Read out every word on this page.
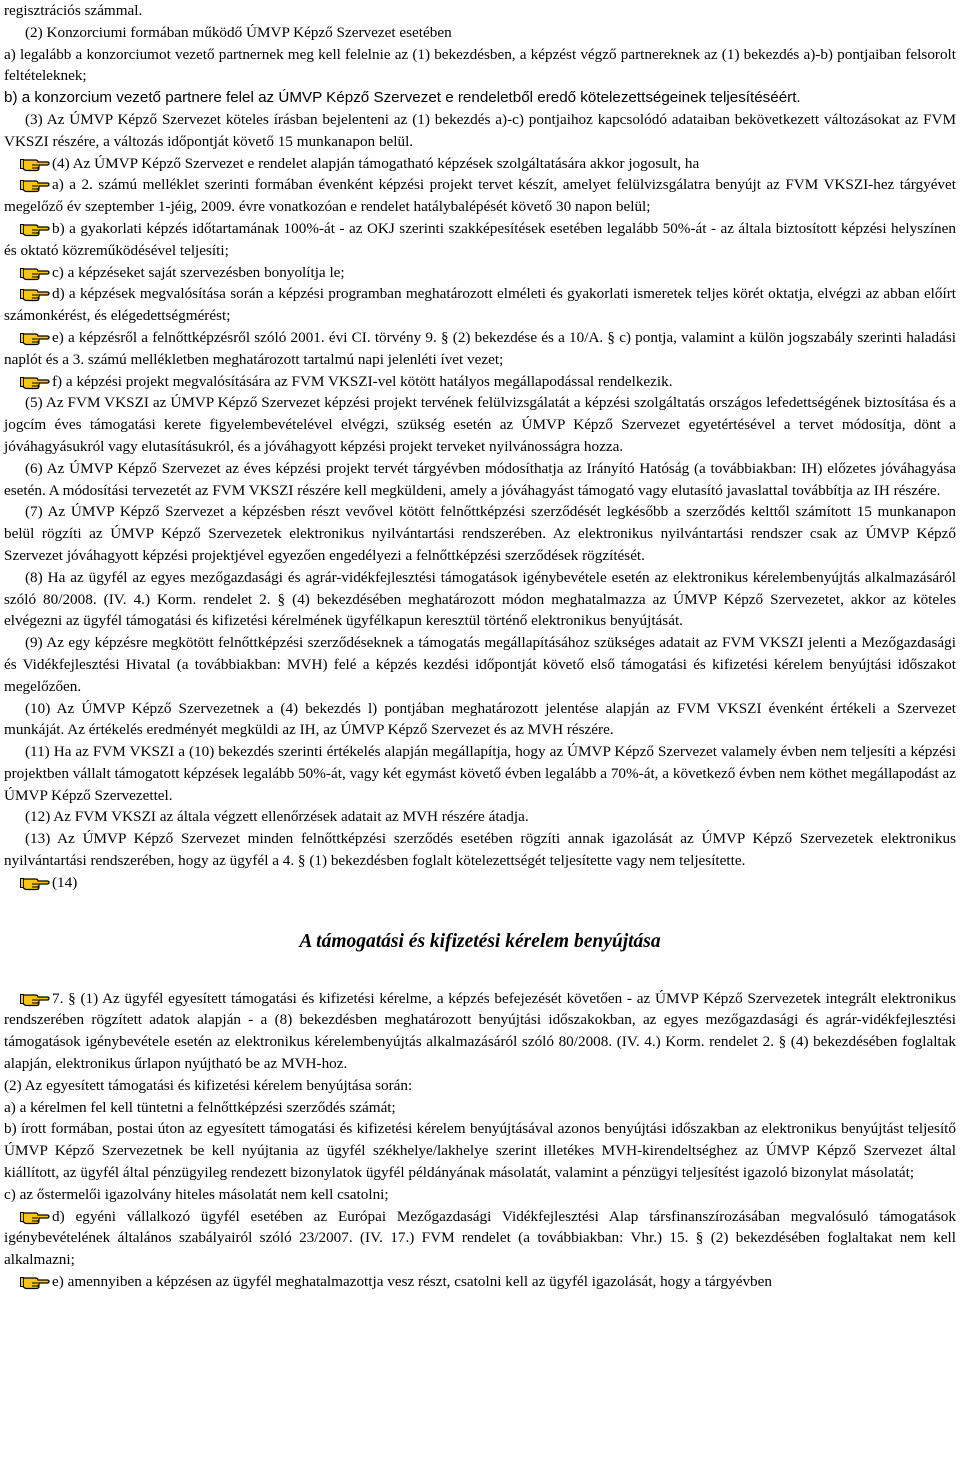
regisztrációs számmal.

(2) Konzorciumi formában működő ÚMVP Képző Szervezet esetében

a) legalább a konzorciumot vezető partnernek meg kell felelnie az (1) bekezdésben, a képzést végző partnereknek az (1) bekezdés a)-b) pontjaiban felsorolt feltételeknek;

b) a konzorcium vezető partnere felel az ÚMVP Képző Szervezet e rendeletből eredő kötelezettségeinek teljesítéséért.

(3) Az ÚMVP Képző Szervezet köteles írásban bejelenteni az (1) bekezdés a)-c) pontjaihoz kapcsolódó adataiban bekövetkezett változásokat az FVM VKSZI részére, a változás időpontját követő 15 munkanapon belül.

(4) Az ÚMVP Képző Szervezet e rendelet alapján támogatható képzések szolgáltatására akkor jogosult, ha

a) a 2. számú melléklet szerinti formában évenként képzési projekt tervet készít, amelyet felülvizsgálatra benyújt az FVM VKSZI-hez tárgyévet megelőző év szeptember 1-jéig, 2009. évre vonatkozóan e rendelet hatálybalépését követő 30 napon belül;

b) a gyakorlati képzés időtartamának 100%-át - az OKJ szerinti szakképesítések esetében legalább 50%-át - az általa biztosított képzési helyszínen és oktató közreműködésével teljesíti;

c) a képzéseket saját szervezésben bonyolítja le;

d) a képzések megvalósítása során a képzési programban meghatározott elméleti és gyakorlati ismeretek teljes körét oktatja, elvégzi az abban előírt számonkérést, és elégedettségmérést;

e) a képzésről a felnőttképzésről szóló 2001. évi CI. törvény 9. § (2) bekezdése és a 10/A. § c) pontja, valamint a külön jogszabály szerinti haladási naplót és a 3. számú mellékletben meghatározott tartalmú napi jelenléti ívet vezet;

f) a képzési projekt megvalósítására az FVM VKSZI-vel kötött hatályos megállapodással rendelkezik.

(5) Az FVM VKSZI az ÚMVP Képző Szervezet képzési projekt tervének felülvizsgálatát a képzési szolgáltatás országos lefedettségének biztosítása és a jogcím éves támogatási kerete figyelembevételével elvégzi, szükség esetén az ÚMVP Képző Szervezet egyetértésével a tervet módosítja, dönt a jóváhagyásukról vagy elutasításukról, és a jóváhagyott képzési projekt terveket nyilvánosságra hozza.

(6) Az ÚMVP Képző Szervezet az éves képzési projekt tervét tárgyévben módosíthatja az Irányító Hatóság (a továbbiakban: IH) előzetes jóváhagyása esetén. A módosítási tervezetét az FVM VKSZI részére kell megküldeni, amely a jóváhagyást támogató vagy elutasító javaslattal továbbítja az IH részére.

(7) Az ÚMVP Képző Szervezet a képzésben részt vevővel kötött felnőttképzési szerződését legkésőbb a szerződés kelttől számított 15 munkanapon belül rögzíti az ÚMVP Képző Szervezetek elektronikus nyilvántartási rendszerében. Az elektronikus nyilvántartási rendszer csak az ÚMVP Képző Szervezet jóváhagyott képzési projektjével egyezően engedélyezi a felnőttképzési szerződések rögzítését.

(8) Ha az ügyfél az egyes mezőgazdasági és agrár-vidékfejlesztési támogatások igénybevétele esetén az elektronikus kérelembenyújtás alkalmazásáról szóló 80/2008. (IV. 4.) Korm. rendelet 2. § (4) bekezdésében meghatározott módon meghatalmazza az ÚMVP Képző Szervezetet, akkor az köteles elvégezni az ügyfél támogatási és kifizetési kérelmének ügyfélkapun keresztül történő elektronikus benyújtását.

(9) Az egy képzésre megkötött felnőttképzési szerződéseknek a támogatás megállapításához szükséges adatait az FVM VKSZI jelenti a Mezőgazdasági és Vidékfejlesztési Hivatal (a továbbiakban: MVH) felé a képzés kezdési időpontját követő első támogatási és kifizetési kérelem benyújtási időszakot megelőzően.

(10) Az ÚMVP Képző Szervezetnek a (4) bekezdés l) pontjában meghatározott jelentése alapján az FVM VKSZI évenként értékeli a Szervezet munkáját. Az értékelés eredményét megküldi az IH, az ÚMVP Képző Szervezet és az MVH részére.

(11) Ha az FVM VKSZI a (10) bekezdés szerinti értékelés alapján megállapítja, hogy az ÚMVP Képző Szervezet valamely évben nem teljesíti a képzési projektben vállalt támogatott képzések legalább 50%-át, vagy két egymást követő évben legalább a 70%-át, a következő évben nem köthet megállapodást az ÚMVP Képző Szervezettel.

(12) Az FVM VKSZI az általa végzett ellenőrzések adatait az MVH részére átadja.

(13) Az ÚMVP Képző Szervezet minden felnőttképzési szerződés esetében rögzíti annak igazolását az ÚMVP Képző Szervezetek elektronikus nyilvántartási rendszerében, hogy az ügyfél a 4. § (1) bekezdésben foglalt kötelezettségét teljesítette vagy nem teljesítette.

(14)

A támogatási és kifizetési kérelem benyújtása

7. § (1) Az ügyfél egyesített támogatási és kifizetési kérelme, a képzés befejezését követően - az ÚMVP Képző Szervezetek integrált elektronikus rendszerében rögzített adatok alapján - a (8) bekezdésben meghatározott benyújtási időszakokban, az egyes mezőgazdasági és agrár-vidékfejlesztési támogatások igénybevétele esetén az elektronikus kérelembenyújtás alkalmazásáról szóló 80/2008. (IV. 4.) Korm. rendelet 2. § (4) bekezdésében foglaltak alapján, elektronikus űrlapon nyújtható be az MVH-hoz.

(2) Az egyesített támogatási és kifizetési kérelem benyújtása során:

a) a kérelmen fel kell tüntetni a felnőttképzési szerződés számát;

b) írott formában, postai úton az egyesített támogatási és kifizetési kérelem benyújtásával azonos benyújtási időszakban az elektronikus benyújtást teljesítő ÚMVP Képző Szervezetnek be kell nyújtania az ügyfél székhelye/lakhelye szerint illetékes MVH-kirendeltséghez az ÚMVP Képző Szervezet által kiállított, az ügyfél által pénzügyileg rendezett bizonylatok ügyfél példányának másolatát, valamint a pénzügyi teljesítést igazoló bizonylat másolatát;

c) az őstermelői igazolvány hiteles másolatát nem kell csatolni;

d) egyéni vállalkozó ügyfél esetében az Európai Mezőgazdasági Vidékfejlesztési Alap társfinanszírozásában megvalósuló támogatások igénybevételének általános szabályairól szóló 23/2007. (IV. 17.) FVM rendelet (a továbbiakban: Vhr.) 15. § (2) bekezdésében foglaltakat nem kell alkalmazni;

e) amennyiben a képzésen az ügyfél meghatalmazottja vesz részt, csatolni kell az ügyfél igazolását, hogy a tárgyévben
